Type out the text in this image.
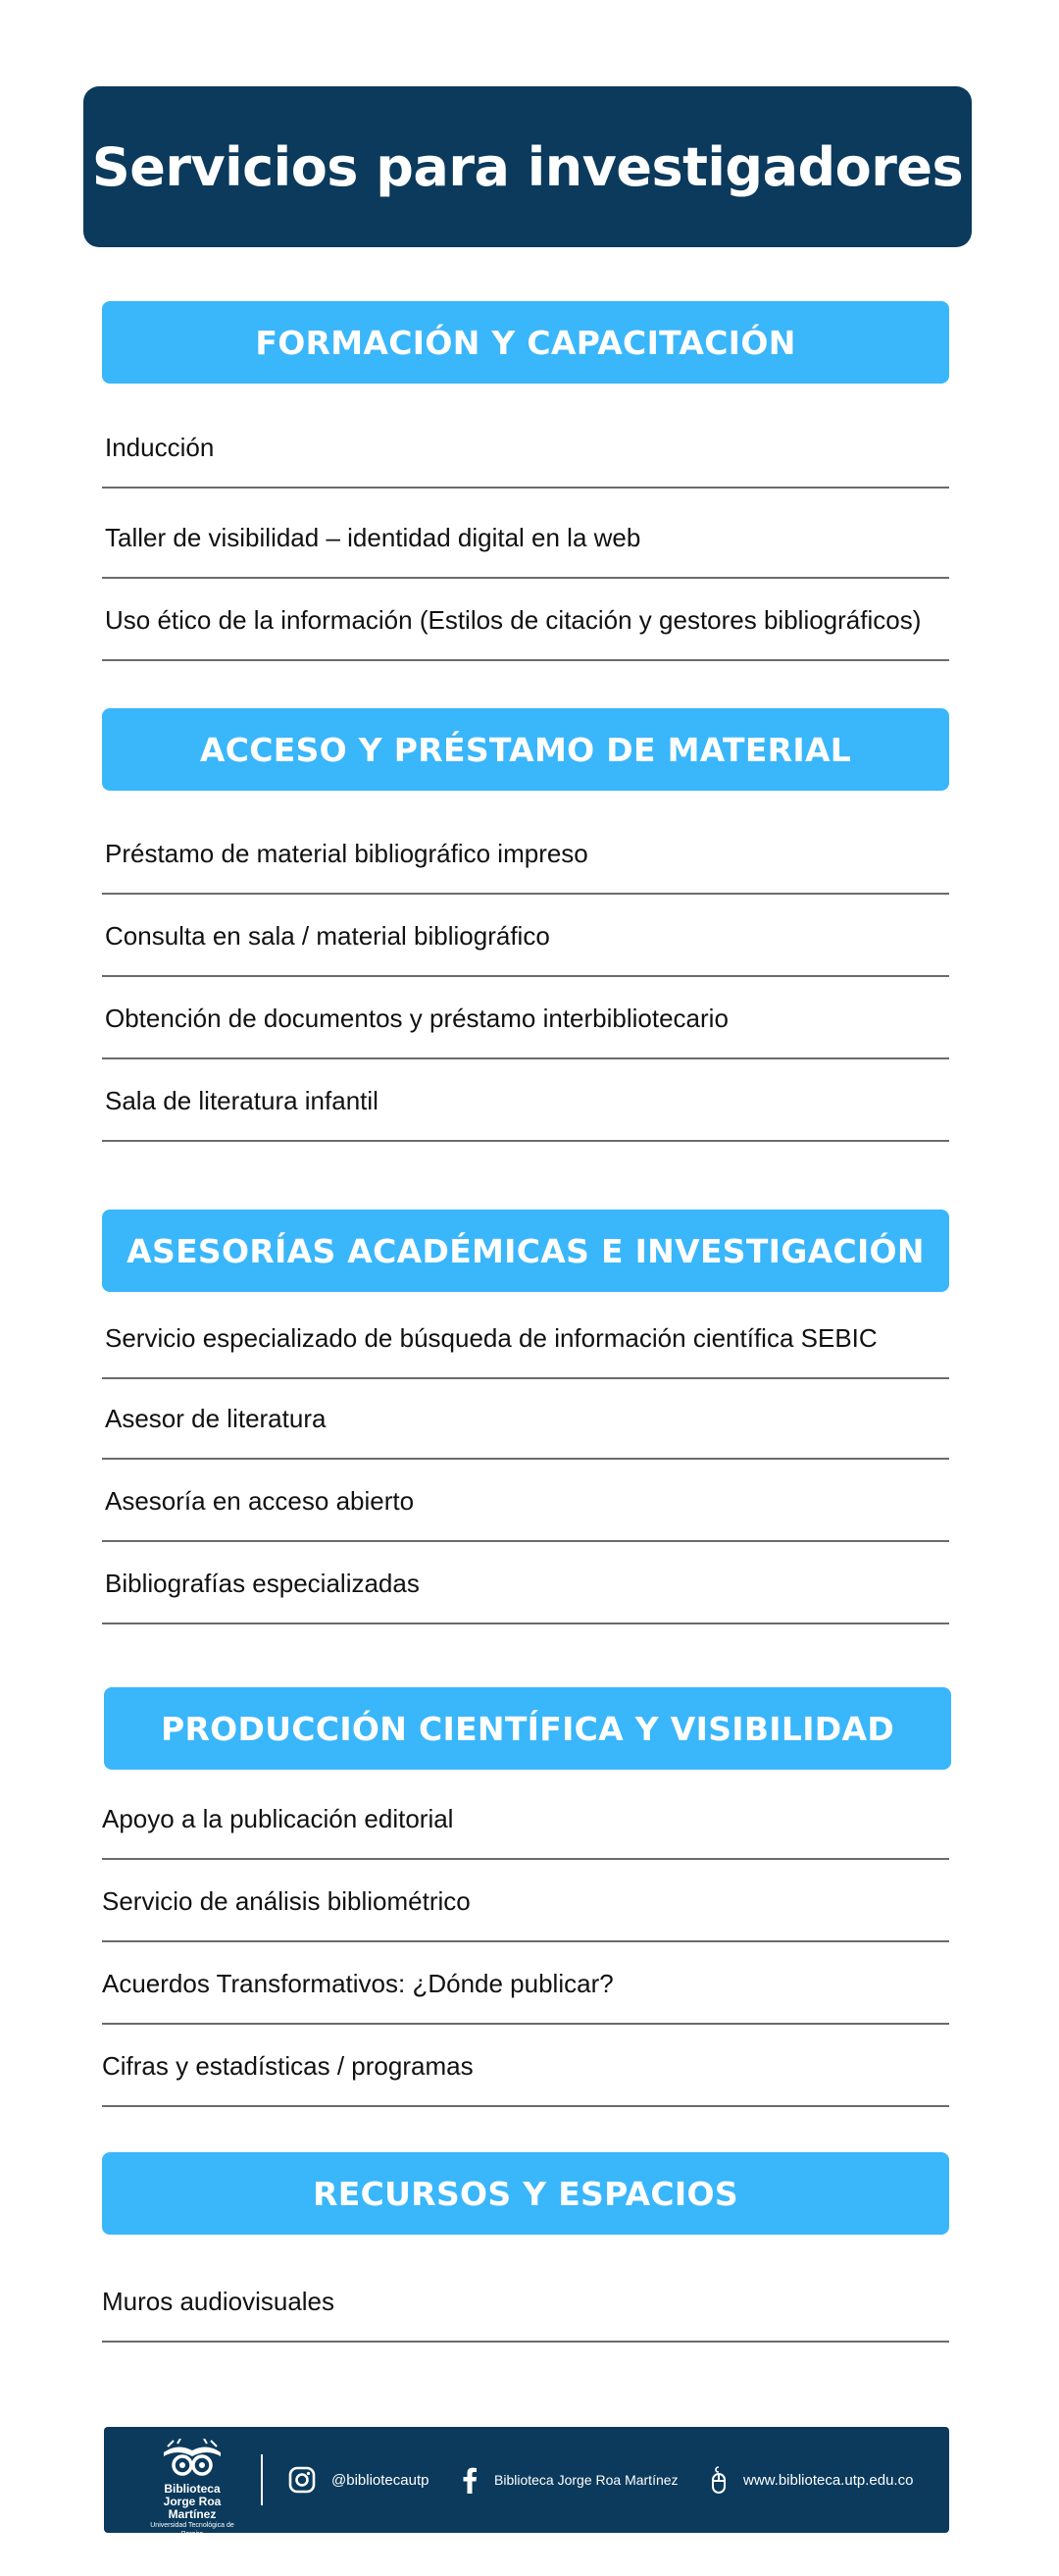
Servicios para investigadores
FORMACIÓN Y CAPACITACIÓN
Inducción
Taller de visibilidad – identidad digital en la web
Uso ético de la información (Estilos de citación y gestores bibliográficos)
ACCESO Y PRÉSTAMO DE MATERIAL
Préstamo de material bibliográfico impreso
Consulta en sala / material bibliográfico
Obtención de documentos y préstamo interbibliotecario
Sala de literatura infantil
ASESORÍAS ACADÉMICAS E INVESTIGACIÓN
Servicio especializado de búsqueda de información científica SEBIC
Asesor de literatura
Asesoría en acceso abierto
Bibliografías especializadas
PRODUCCIÓN CIENTÍFICA Y VISIBILIDAD
Apoyo a la publicación editorial
Servicio de análisis bibliométrico
Acuerdos Transformativos: ¿Dónde publicar?
Cifras y estadísticas / programas
RECURSOS Y ESPACIOS
Muros audiovisuales
Biblioteca
Jorge Roa Martínez
Universidad Tecnológica de Pereira
@bibliotecautp	Biblioteca Jorge Roa Martínez	www.biblioteca.utp.edu.co
